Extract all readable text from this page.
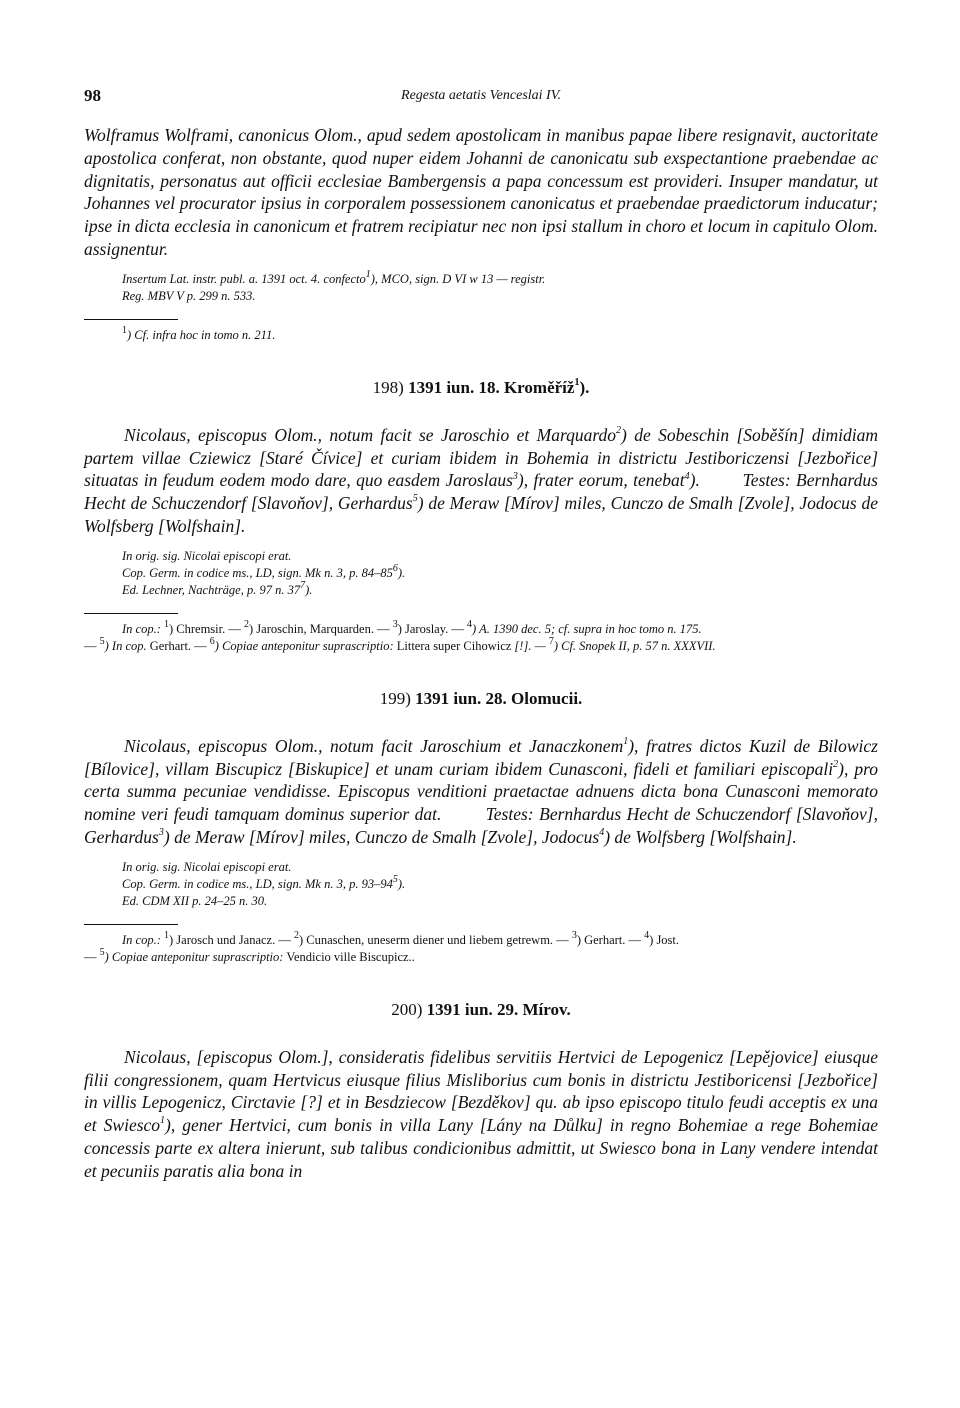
98	Regesta aetatis Venceslai IV.

Wolframus Wolframi, canonicus Olom., apud sedem apostolicam in manibus papae libere resignavit, auctoritate apostolica conferat, non obstante, quod nuper eidem Johanni de canonicatu sub exspectantione praebendae ac dignitatis, personatus aut officii ecclesiae Bambergensis a papa concessum est provideri. Insuper mandatur, ut Johannes vel procurator ipsius in corporalem possessionem canonicatus et praebendae praedictorum inducatur; ipse in dicta ecclesia in canonicum et fratrem recipiatur nec non ipsi stallum in choro et locum in capitulo Olom. assignentur.

Insertum Lat. instr. publ. a. 1391 oct. 4. confecto$^1$), MCO, sign. D VI w 13 — registr.
Reg. MBV V p. 299 n. 533.

$^1$) Cf. infra hoc in tomo n. 211.

198) 1391 iun. 18. Kroměříž$^1$).

Nicolaus, episcopus Olom., notum facit se Jaroschio et Marquardo$^2$) de Sobeschin [Soběšín] dimidiam partem villae Cziewicz [Staré Čívice] et curiam ibidem in Bohemia in districtu Jestiboriczensi [Jezbořice] situatas in feudum eodem modo dare, quo easdem Jaroslaus$^3$), frater eorum, tenebat$^4$).        Testes: Bernhardus Hecht de Schuczendorf [Slavoňov], Gerhardus$^5$) de Meraw [Mírov] miles, Cunczo de Smalh [Zvole], Jodocus de Wolfsberg [Wolfshain].

In orig. sig. Nicolai episcopi erat.
Cop. Germ. in codice ms., LD, sign. Mk n. 3, p. $84-85^6$).
Ed. Lechner, Nachträge, p. 97 n. $37^7$).

In cop.: $^1$) Chremsir. — $^2$) Jaroschin, Marquarden. — $^3$) Jaroslay. — $^4$) A. 1390 dec. 5; cf. supra in hoc tomo n. 175.

— $^5$) In cop. Gerhart. — $^6$) Copiae anteponitur suprascriptio: Littera super Cihowicz [!]. — $^7$) Cf. Snopek II, p. 57 n. XXXVII.

199) 1391 iun. 28. Olomucii.

Nicolaus, episcopus Olom., notum facit Jaroschium et Janaczkonem$^1$), fratres dictos Kuzil de Bilowicz [Bílovice], villam Biscupicz [Biskupice] et unam curiam ibidem Cunasconi, fideli et familiari episcopali$^2$), pro certa summa pecuniae vendidisse. Episcopus venditioni praetactae adnuens dicta bona Cunasconi memorato nomine veri feudi tamquam dominus superior dat.        Testes: Bernhardus Hecht de Schuczendorf [Slavoňov], Gerhardus$^3$) de Meraw [Mírov] miles, Cunczo de Smalh [Zvole], Jodocus$^4$) de Wolfsberg [Wolfshain].

In orig. sig. Nicolai episcopi erat.
Cop. Germ. in codice ms., LD, sign. Mk n. 3, p. $93-94^5$).
Ed. CDM XII p. 24–25 n. 30.

In cop.: $^1$) Jarosch und Janacz. — $^2$) Cunaschen, uneserm diener und liebem getrewm. — $^3$) Gerhart. — $^4$) Jost.

— $^5$) Copiae anteponitur suprascriptio: Vendicio ville Biscupicz..

200) 1391 iun. 29. Mírov.

Nicolaus, [episcopus Olom.], consideratis fidelibus servitiis Hertvici de Lepogenicz [Lepějovice] eiusque filii congressionem, quam Hertvicus eiusque filius Misliborius cum bonis in districtu Jestiboricensi [Jezbořice] in villis Lepogenicz, Circtavie [?] et in Besdziecow [Bezděkov] qu. ab ipso episcopo titulo feudi acceptis ex una et Swiesco$^1$), gener Hertvici, cum bonis in villa Lany [Lány na Důlku] in regno Bohemiae a rege Bohemiae concessis parte ex altera inierunt, sub talibus condicionibus admittit, ut Swiesco bona in Lany vendere intendat et pecuniis paratis alia bona in
